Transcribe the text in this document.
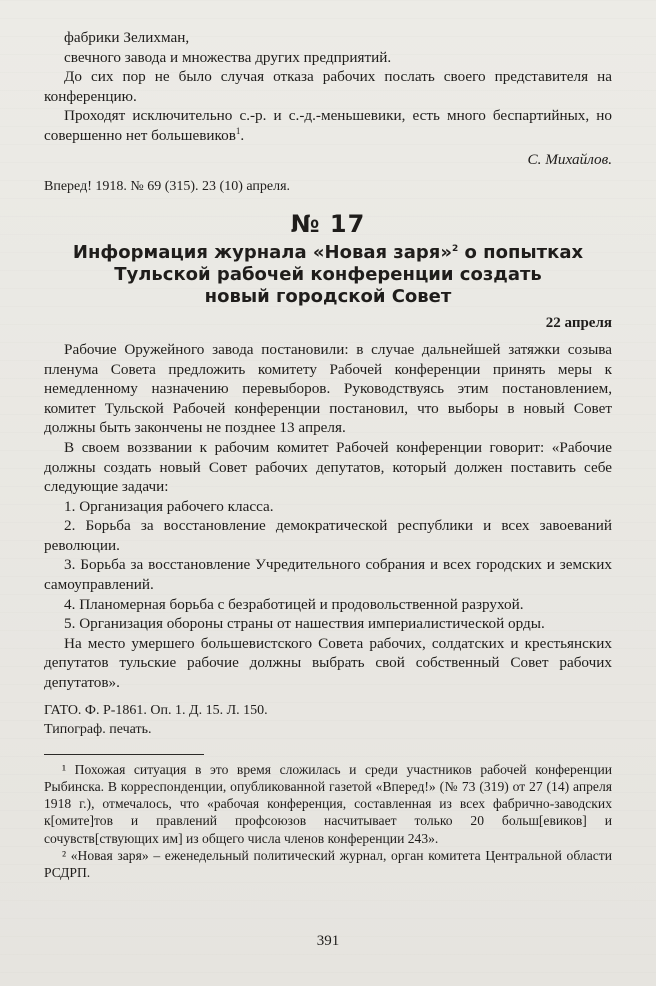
фабрики Зелихман,

свечного завода и множества других предприятий.

До сих пор не было случая отказа рабочих послать своего представителя на конференцию.

Проходят исключительно с.-р. и с.-д.-меньшевики, есть много беспартийных, но совершенно нет большевиков$^1$.

С. Михайлов.

Вперед! 1918. № 69 (315). 23 (10) апреля.

№ 17
Информация журнала «Новая заря»$^2$ о попытках
Тульской рабочей конференции создать
новый городской Совет
22 апреля

Рабочие Оружейного завода постановили: в случае дальнейшей затяжки созыва пленума Совета предложить комитету Рабочей конференции принять меры к немедленному назначению перевыборов. Руководствуясь этим постановлением, комитет Тульской Рабочей конференции постановил, что выборы в новый Совет должны быть закончены не позднее 13 апреля.

В своем воззвании к рабочим комитет Рабочей конференции говорит: «Рабочие должны создать новый Совет рабочих депутатов, который должен поставить себе следующие задачи:

1. Организация рабочего класса.

2. Борьба за восстановление демократической республики и всех завоеваний революции.

3. Борьба за восстановление Учредительного собрания и всех городских и земских самоуправлений.

4. Планомерная борьба с безработицей и продовольственной разрухой.

5. Организация обороны страны от нашествия империалистической орды.

На место умершего большевистского Совета рабочих, солдатских и крестьянских депутатов тульские рабочие должны выбрать свой собственный Совет рабочих депутатов».

ГАТО. Ф. Р-1861. Оп. 1. Д. 15. Л. 150.

Типограф. печать.

¹ Похожая ситуация в это время сложилась и среди участников рабочей конференции Рыбинска. В корреспонденции, опубликованной газетой «Вперед!» (№ 73 (319) от 27 (14) апреля 1918 г.), отмечалось, что «рабочая конференция, составленная из всех фабрично-заводских к[омите]тов и правлений профсоюзов насчитывает только 20 больш[евиков] и сочувств[ствующих им] из общего числа членов конференции 243».

² «Новая заря» – еженедельный политический журнал, орган комитета Центральной области РСДРП.

391
